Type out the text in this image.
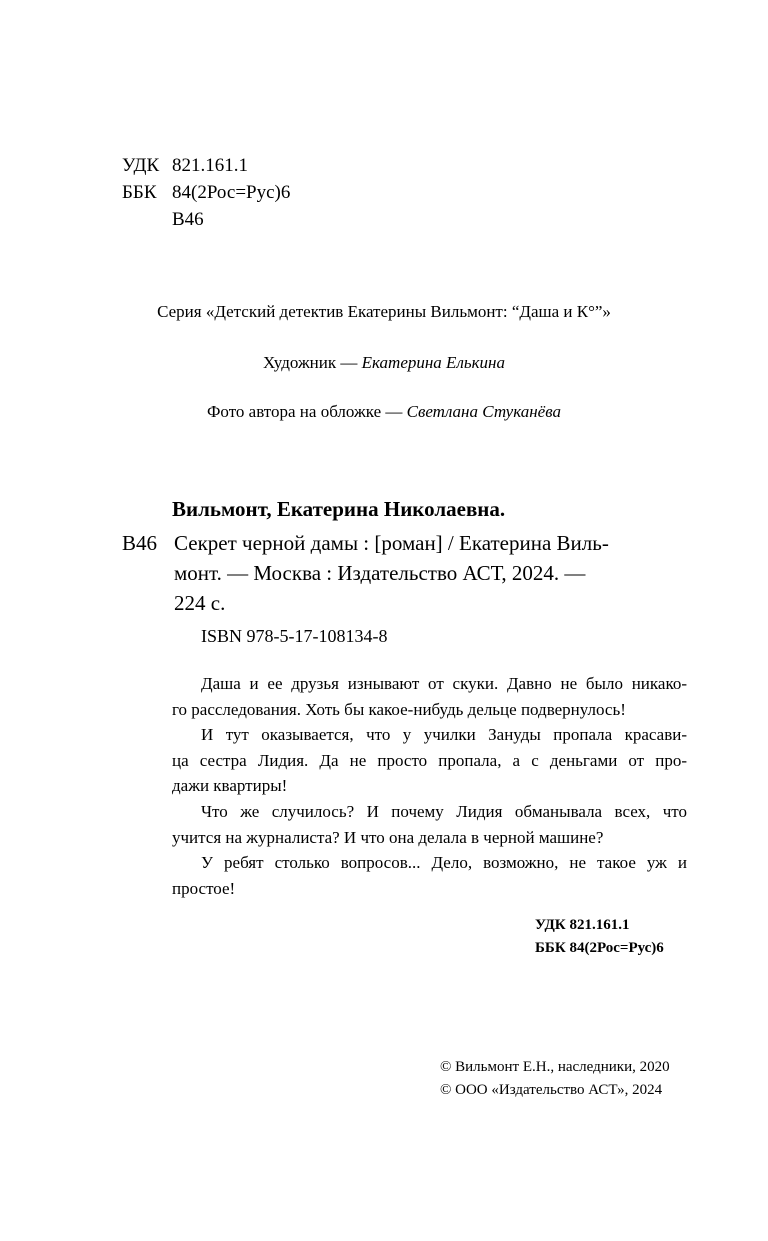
УДК 821.161.1
ББК 84(2Рос=Рус)6
В46
Серия «Детский детектив Екатерины Вильмонт: “Даша и К°”»
Художник — Екатерина Елькина
Фото автора на обложке — Светлана Стуканёва
Вильмонт, Екатерина Николаевна.
В46 Секрет черной дамы : [роман] / Екатерина Виль-
монт. — Москва : Издательство АСТ, 2024. —
224 с.
ISBN 978-5-17-108134-8
Даша и ее друзья изнывают от скуки. Давно не было никако-
го расследования. Хоть бы какое-нибудь дельце подвернулось!
И тут оказывается, что у училки Зануды пропала красави-
ца сестра Лидия. Да не просто пропала, а с деньгами от про-
дажи квартиры!
Что же случилось? И почему Лидия обманывала всех, что
учится на журналиста? И что она делала в черной машине?
У ребят столько вопросов... Дело, возможно, не такое уж и
простое!
УДК 821.161.1
ББК 84(2Рос=Рус)6
© Вильмонт Е.Н., наследники, 2020
© ООО «Издательство АСТ», 2024
